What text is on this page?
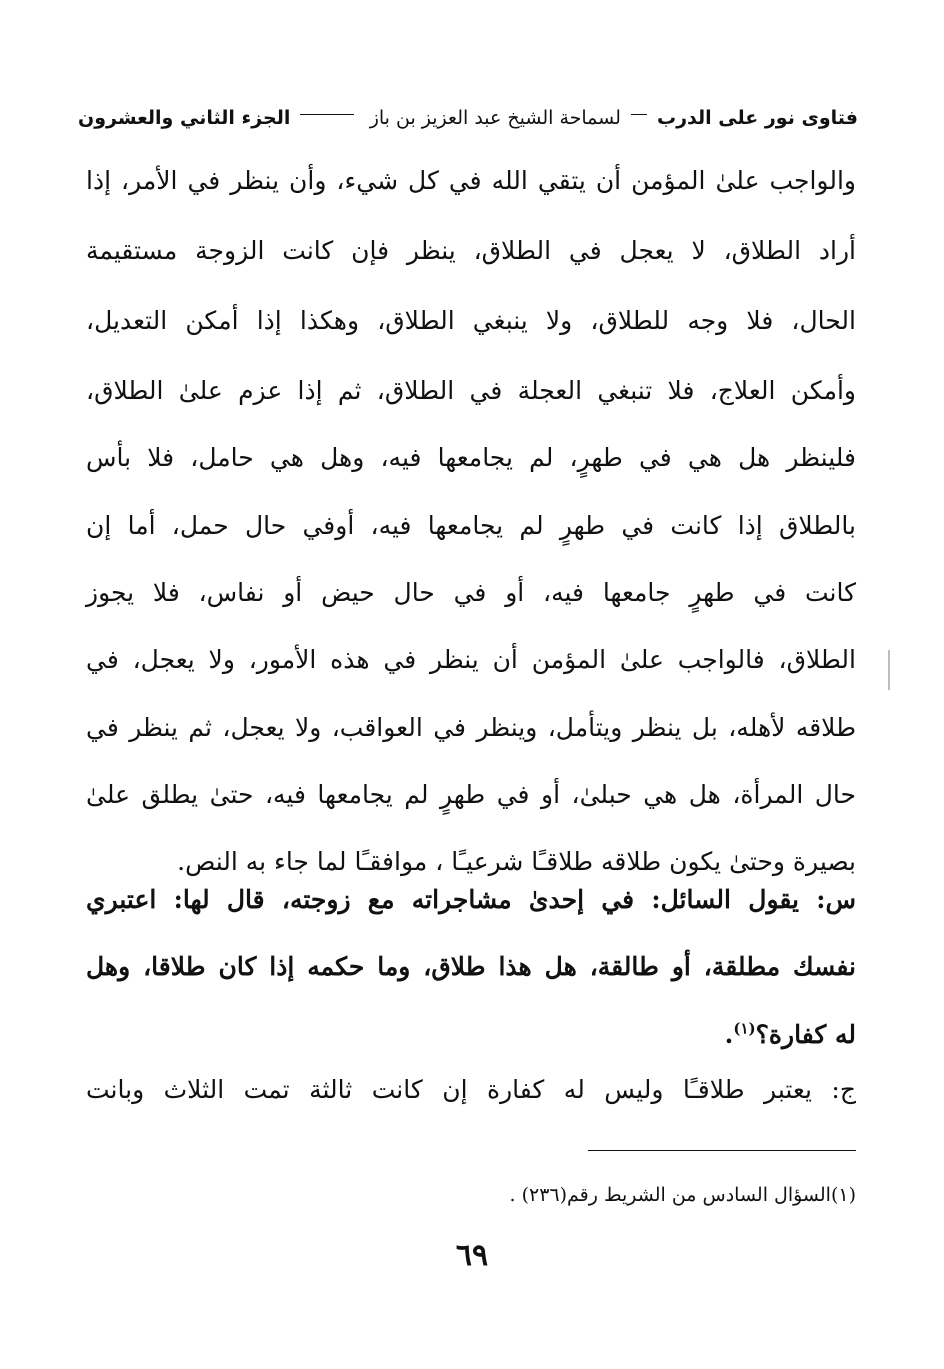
فتاوى نور على الدرب  لسماحة الشيخ عبد العزيز بن باز
الجزء الثاني والعشرون
والواجب علىٰ المؤمن أن يتقي الله في كل شيء، وأن ينظر في الأمر، إذا
أراد الطلاق، لا يعجل في الطلاق، ينظر فإن كانت الزوجة مستقيمة
الحال، فلا وجه للطلاق، ولا ينبغي الطلاق، وهكذا إذا أمكن التعديل،
وأمكن العلاج، فلا تنبغي العجلة في الطلاق، ثم إذا عزم علىٰ الطلاق،
فلينظر هل هي في طهرٍ، لم يجامعها فيه، وهل هي حامل، فلا بأس
بالطلاق إذا كانت في طهرٍ لم يجامعها فيه، أوفي حال حمل، أما إن
كانت في طهرٍ جامعها فيه، أو في حال حيض أو نفاس، فلا يجوز
الطلاق، فالواجب علىٰ المؤمن أن ينظر في هذه الأمور، ولا يعجل، في
طلاقه لأهله، بل ينظر ويتأمل، وينظر في العواقب، ولا يعجل، ثم ينظر في
حال المرأة، هل هي حبلىٰ، أو في طهرٍ لم يجامعها فيه، حتىٰ يطلق علىٰ
بصيرة وحتىٰ يكون طلاقه طلاقـًا شرعيـًا ، موافقـًا لما جاء به النص.
س: يقول السائل: في إحدىٰ مشاجراته مع زوجته، قال لها: اعتبري
نفسك مطلقة، أو طالقة، هل هذا طلاق، وما حكمه إذا كان طلاقا، وهل
له كفارة؟$^{(١)}$.
ج: يعتبر طلاقـًا وليس له كفارة إن كانت ثالثة تمت الثلاث وبانت
(١)السؤال السادس من الشريط رقم(٢٣٦) .
٦٩
